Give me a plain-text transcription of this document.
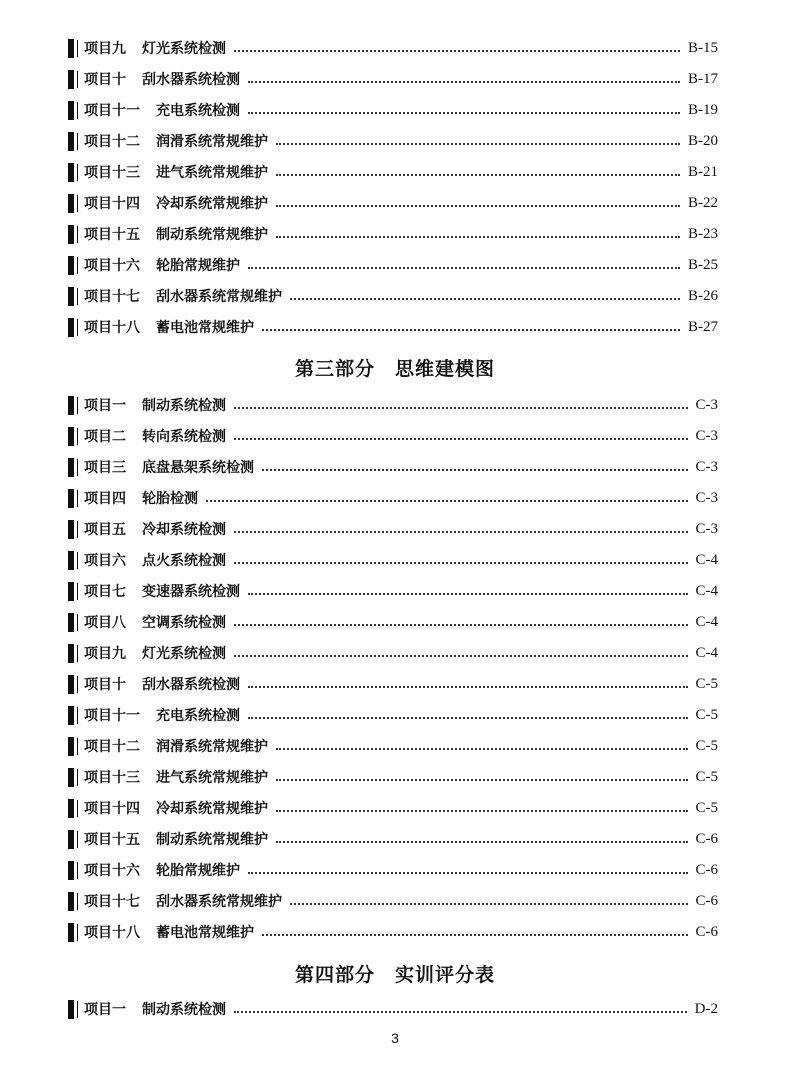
项目九 灯光系统检测	B-15
项目十 刮水器系统检测	B-17
项目十一 充电系统检测	B-19
项目十二 润滑系统常规维护	B-20
项目十三 进气系统常规维护	B-21
项目十四 冷却系统常规维护	B-22
项目十五 制动系统常规维护	B-23
项目十六 轮胎常规维护	B-25
项目十七 刮水器系统常规维护	B-26
项目十八 蓄电池常规维护	B-27
第三部分　思维建模图
项目一 制动系统检测	C-3
项目二 转向系统检测	C-3
项目三 底盘悬架系统检测	C-3
项目四 轮胎检测	C-3
项目五 冷却系统检测	C-3
项目六 点火系统检测	C-4
项目七 变速器系统检测	C-4
项目八 空调系统检测	C-4
项目九 灯光系统检测	C-4
项目十 刮水器系统检测	C-5
项目十一 充电系统检测	C-5
项目十二 润滑系统常规维护	C-5
项目十三 进气系统常规维护	C-5
项目十四 冷却系统常规维护	C-5
项目十五 制动系统常规维护	C-6
项目十六 轮胎常规维护	C-6
项目十七 刮水器系统常规维护	C-6
项目十八 蓄电池常规维护	C-6
第四部分　实训评分表
项目一 制动系统检测	D-2
3
